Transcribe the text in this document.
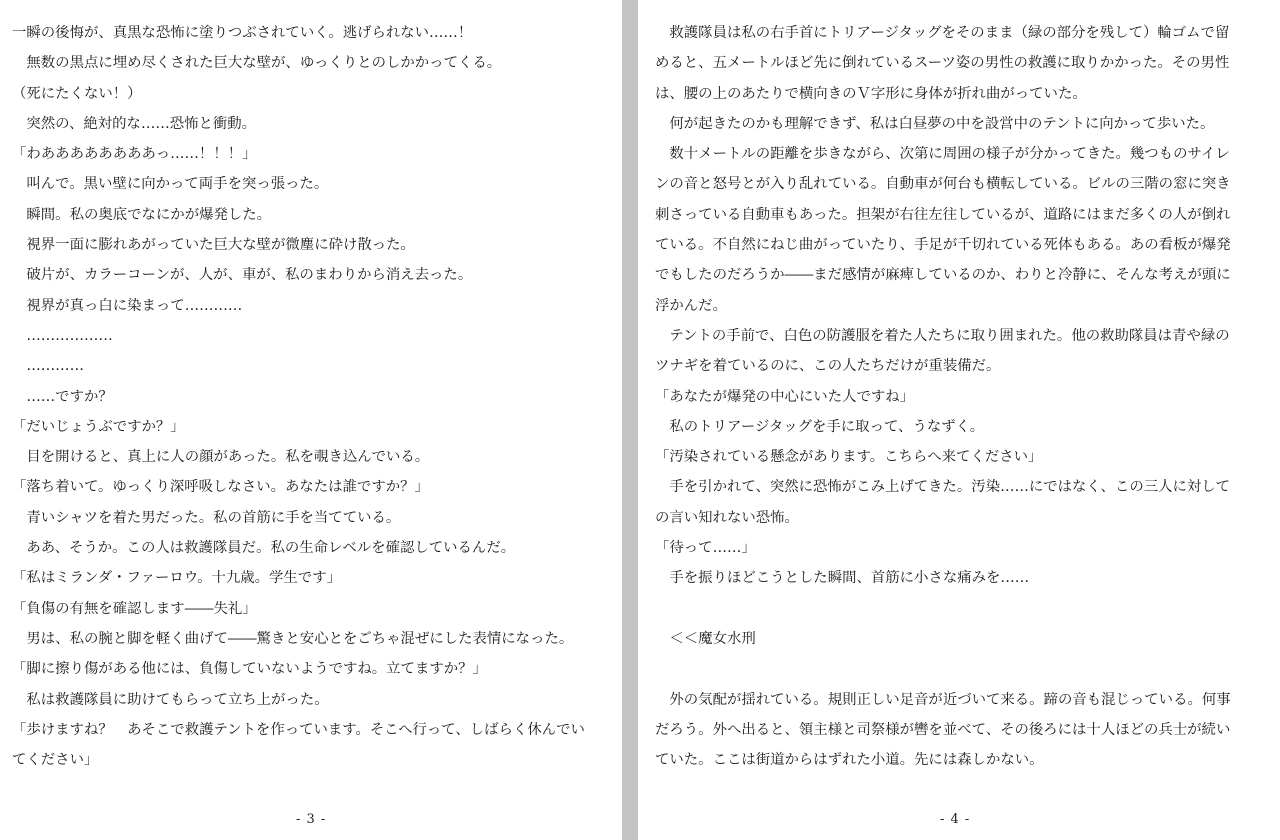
一瞬の後悔が、真黒な恐怖に塗りつぶされていく。逃げられない……！
　無数の黒点に埋め尽くされた巨大な壁が、ゆっくりとのしかかってくる。
（死にたくない！）
　突然の、絶対的な……恐怖と衝動。
「わああああああああっ……！！！」
　叫んで。黒い壁に向かって両手を突っ張った。
　瞬間。私の奥底でなにかが爆発した。
　視界一面に膨れあがっていた巨大な壁が微塵に砕け散った。
　破片が、カラーコーンが、人が、車が、私のまわりから消え去った。
　視界が真っ白に染まって…………
　………………
　…………
　……ですか？
「だいじょうぶですか？」
　目を開けると、真上に人の顔があった。私を覗き込んでいる。
「落ち着いて。ゆっくり深呼吸しなさい。あなたは誰ですか？」
　青いシャツを着た男だった。私の首筋に手を当てている。
　ああ、そうか。この人は救護隊員だ。私の生命レベルを確認しているんだ。
「私はミランダ・ファーロウ。十九歳。学生です」
「負傷の有無を確認します――失礼」
　男は、私の腕と脚を軽く曲げて――驚きと安心とをごちゃ混ぜにした表情になった。
「脚に擦り傷がある他には、負傷していないようですね。立てますか？」
　私は救護隊員に助けてもらって立ち上がった。
「歩けますね？　あそこで救護テントを作っています。そこへ行って、しばらく休んでい
てください」
- 3 -
　救護隊員は私の右手首にトリアージタッグをそのまま（緑の部分を残して）輪ゴムで留
めると、五メートルほど先に倒れているスーツ姿の男性の救護に取りかかった。その男性
は、腰の上のあたりで横向きのＶ字形に身体が折れ曲がっていた。
　何が起きたのかも理解できず、私は白昼夢の中を設営中のテントに向かって歩いた。
　数十メートルの距離を歩きながら、次第に周囲の様子が分かってきた。幾つものサイレ
ンの音と怒号とが入り乱れている。自動車が何台も横転している。ビルの三階の窓に突き
刺さっている自動車もあった。担架が右往左往しているが、道路にはまだ多くの人が倒れ
ている。不自然にねじ曲がっていたり、手足が千切れている死体もある。あの看板が爆発
でもしたのだろうか――まだ感情が麻痺しているのか、わりと冷静に、そんな考えが頭に
浮かんだ。
　テントの手前で、白色の防護服を着た人たちに取り囲まれた。他の救助隊員は青や緑の
ツナギを着ているのに、この人たちだけが重装備だ。
「あなたが爆発の中心にいた人ですね」
　私のトリアージタッグを手に取って、うなずく。
「汚染されている懸念があります。こちらへ来てください」
　手を引かれて、突然に恐怖がこみ上げてきた。汚染……にではなく、この三人に対して
の言い知れない恐怖。
「待って……」
　手を振りほどこうとした瞬間、首筋に小さな痛みを……
　＜＜魔女水刑
　外の気配が揺れている。規則正しい足音が近づいて来る。蹄の音も混じっている。何事
だろう。外へ出ると、領主様と司祭様が轡を並べて、その後ろには十人ほどの兵士が続い
ていた。ここは街道からはずれた小道。先には森しかない。
- 4 -
